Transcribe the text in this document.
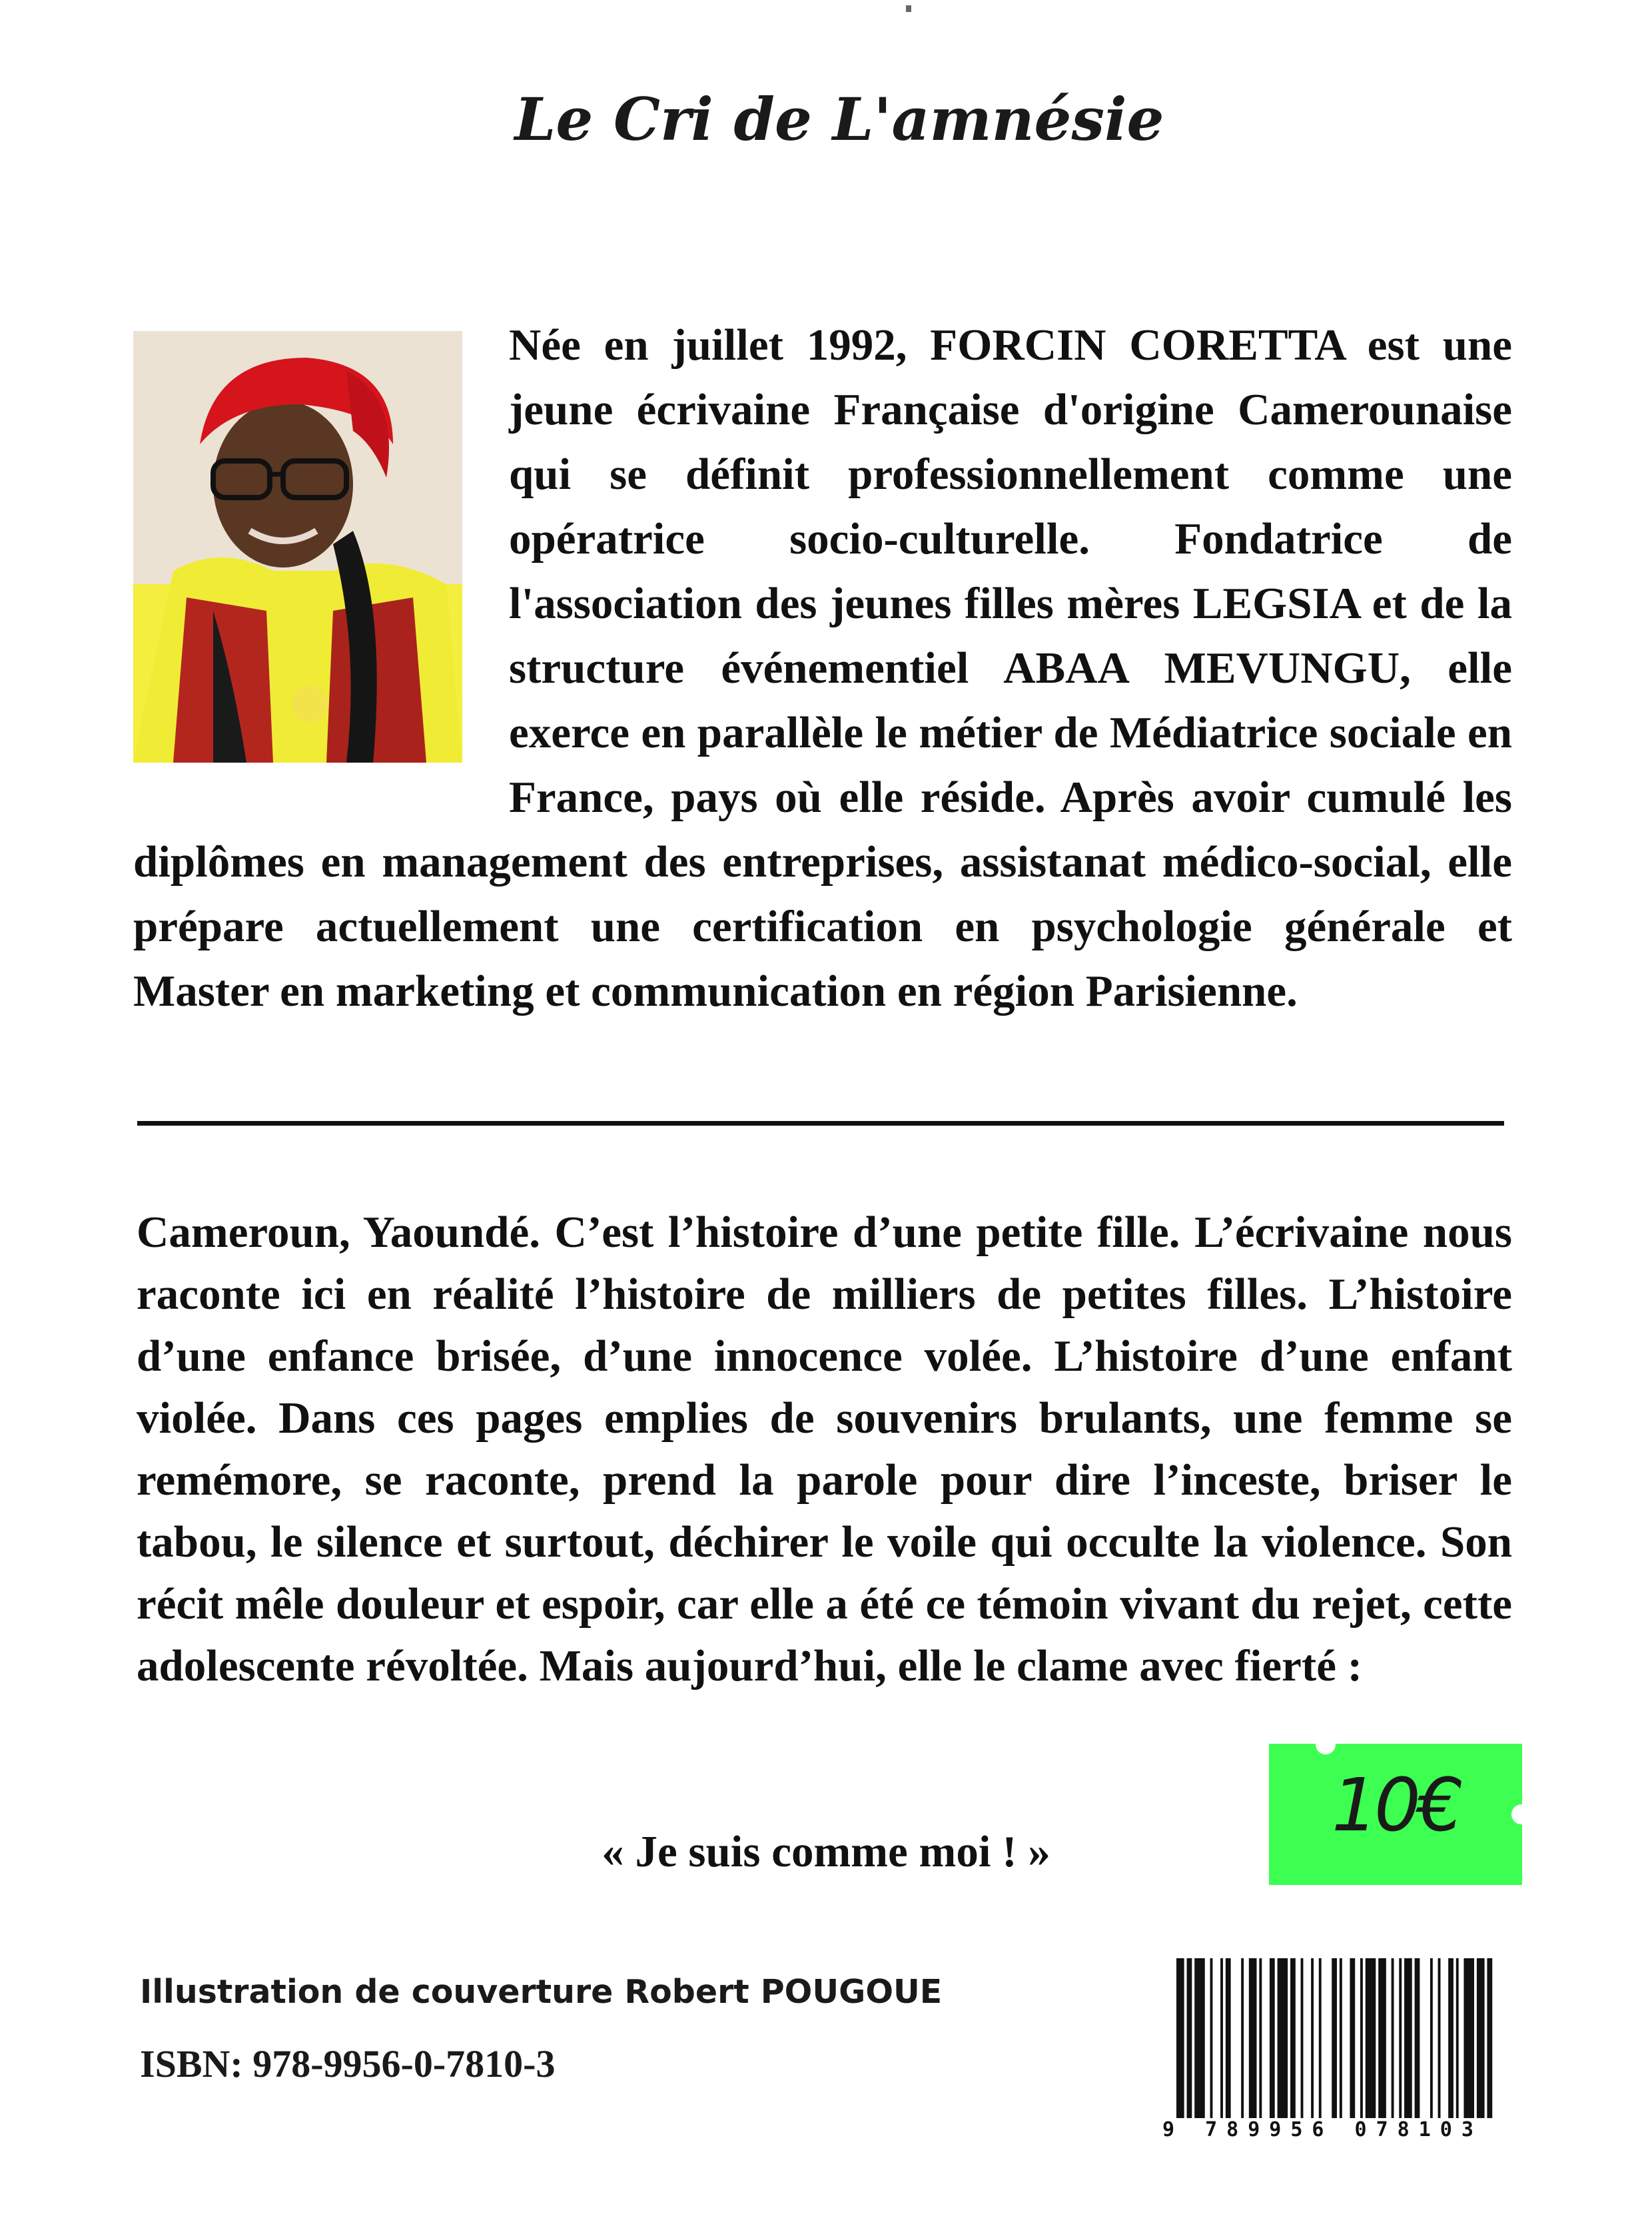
Le Cri de L'amnésie

Née en juillet 1992, FORCIN CORETTA est une jeune écrivaine Française d'origine Camerounaise qui se définit professionnellement comme une opératrice socio-culturelle. Fondatrice de l'association des jeunes filles mères LEGSIA et de la structure événementiel ABAA MEVUNGU, elle exerce en parallèle le métier de Médiatrice sociale en France, pays où elle réside. Après avoir cumulé les diplômes en management des entreprises, assistanat médico-social, elle prépare actuellement une certification en psychologie générale et Master en marketing et communication en région Parisienne.

Cameroun, Yaoundé. C’est l’histoire d’une petite fille. L’écrivaine nous raconte ici en réalité l’histoire de milliers de petites filles. L’histoire d’une enfance brisée, d’une innocence volée. L’histoire d’une enfant violée. Dans ces pages emplies de souvenirs brulants, une femme se remémore, se raconte, prend la parole pour dire l’inceste, briser le tabou, le silence et surtout, déchirer le voile qui occulte la violence. Son récit mêle douleur et espoir, car elle a été ce témoin vivant du rejet, cette adolescente révoltée. Mais aujourd’hui, elle le clame avec fierté :

« Je suis comme moi ! »
10€
Illustration de couverture Robert POUGOUE
ISBN: 978-9956-0-7810-3
9 789956 078103
